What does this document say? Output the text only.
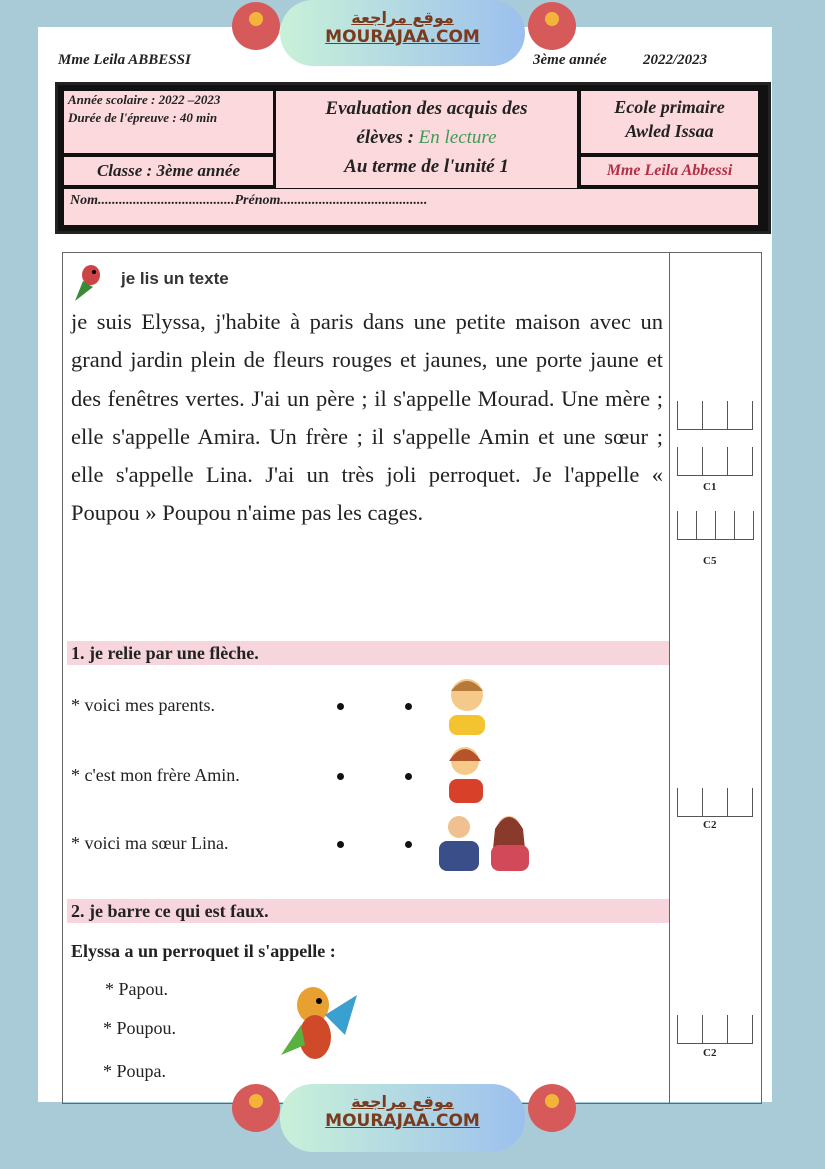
Mme Leila ABBESSI	3ème année 2022/2023
Année scolaire : 2022 –2023
Durée de l'épreuve : 40 min
Classe : 3ème année
Evaluation des acquis des
élèves : En lecture
Au terme de l'unité 1
Ecole primaire
Awled Issaa
Mme Leila Abbessi
Nom.......................................Prénom..........................................
je lis un texte
je suis Elyssa, j'habite à paris dans une petite maison avec un grand jardin plein de fleurs rouges et jaunes, une porte jaune et des fenêtres vertes. J'ai un père ; il s'appelle Mourad. Une mère ; elle s'appelle Amira. Un frère ; il s'appelle Amin et une sœur ; elle s'appelle Lina. J'ai un très joli perroquet. Je l'appelle « Poupou » Poupou n'aime pas les cages.
1. je relie par une flèche.
* voici mes parents.
* c'est mon frère Amin.
* voici ma sœur Lina.
2. je barre ce qui est faux.
Elyssa a un perroquet il s'appelle :
* Papou.
* Poupou.
* Poupa.
C1
C5
C2
C2
موقع مراجعة
MOURAJAA.COM
موقع مراجعة
MOURAJAA.COM
